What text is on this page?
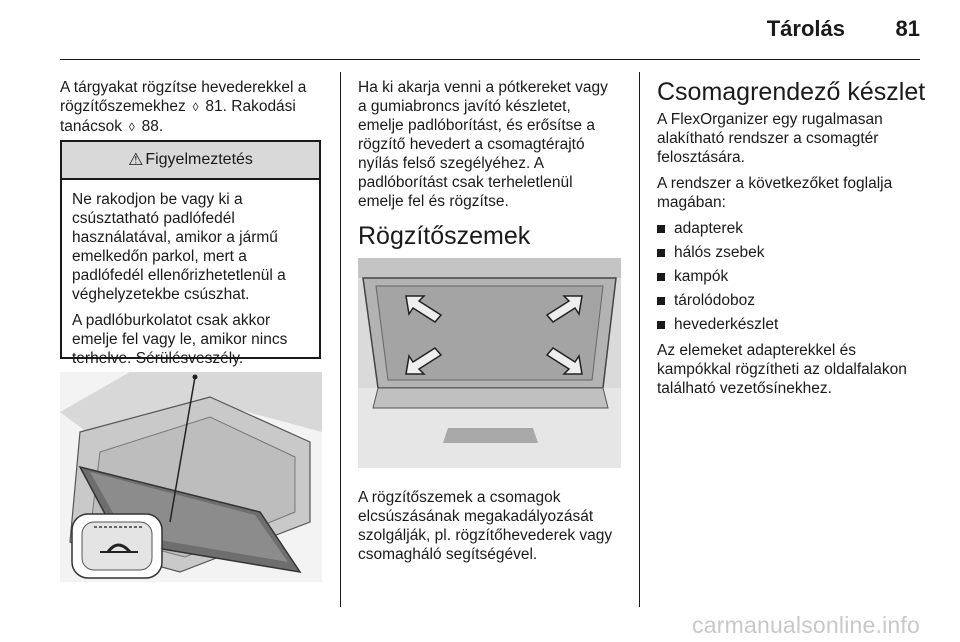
Tárolás 81

A tárgyakat rögzítse hevederekkel a
rögzítőszemekhez ◊ 81. Rakodási
tanácsok ◊ 88.

⚠ Figyelmeztetés

Ne rakodjon be vagy ki a
csúsztatható padlófedél
használatával, amikor a jármű
emelkedőn parkol, mert a
padlófedél ellenőrizhetetlenül a
véghelyzetekbe csúszhat.

A padlóburkolatot csak akkor
emelje fel vagy le, amikor nincs
terhelve. Sérülésveszély.

Ha ki akarja venni a pótkereket vagy
a gumiabroncs javító készletet,
emelje padlóborítást, és erősítse a
rögzítő hevedert a csomagtérajtó
nyílás felső szegélyéhez. A
padlóborítást csak terheletlenül
emelje fel és rögzítse.

Rögzítőszemek

A rögzítőszemek a csomagok
elcsúszásának megakadályozását
szolgálják, pl. rögzítőhevederek vagy
csomagháló segítségével.

Csomagrendező készlet

A FlexOrganizer egy rugalmasan
alakítható rendszer a csomagtér
felosztására.

A rendszer a következőket foglalja
magában:

adapterek
hálós zsebek
kampók
tárolódoboz
hevederkészlet

Az elemeket adapterekkel és
kampókkal rögzítheti az oldalfalakon
található vezetősínekhez.

carmanualsonline.info
